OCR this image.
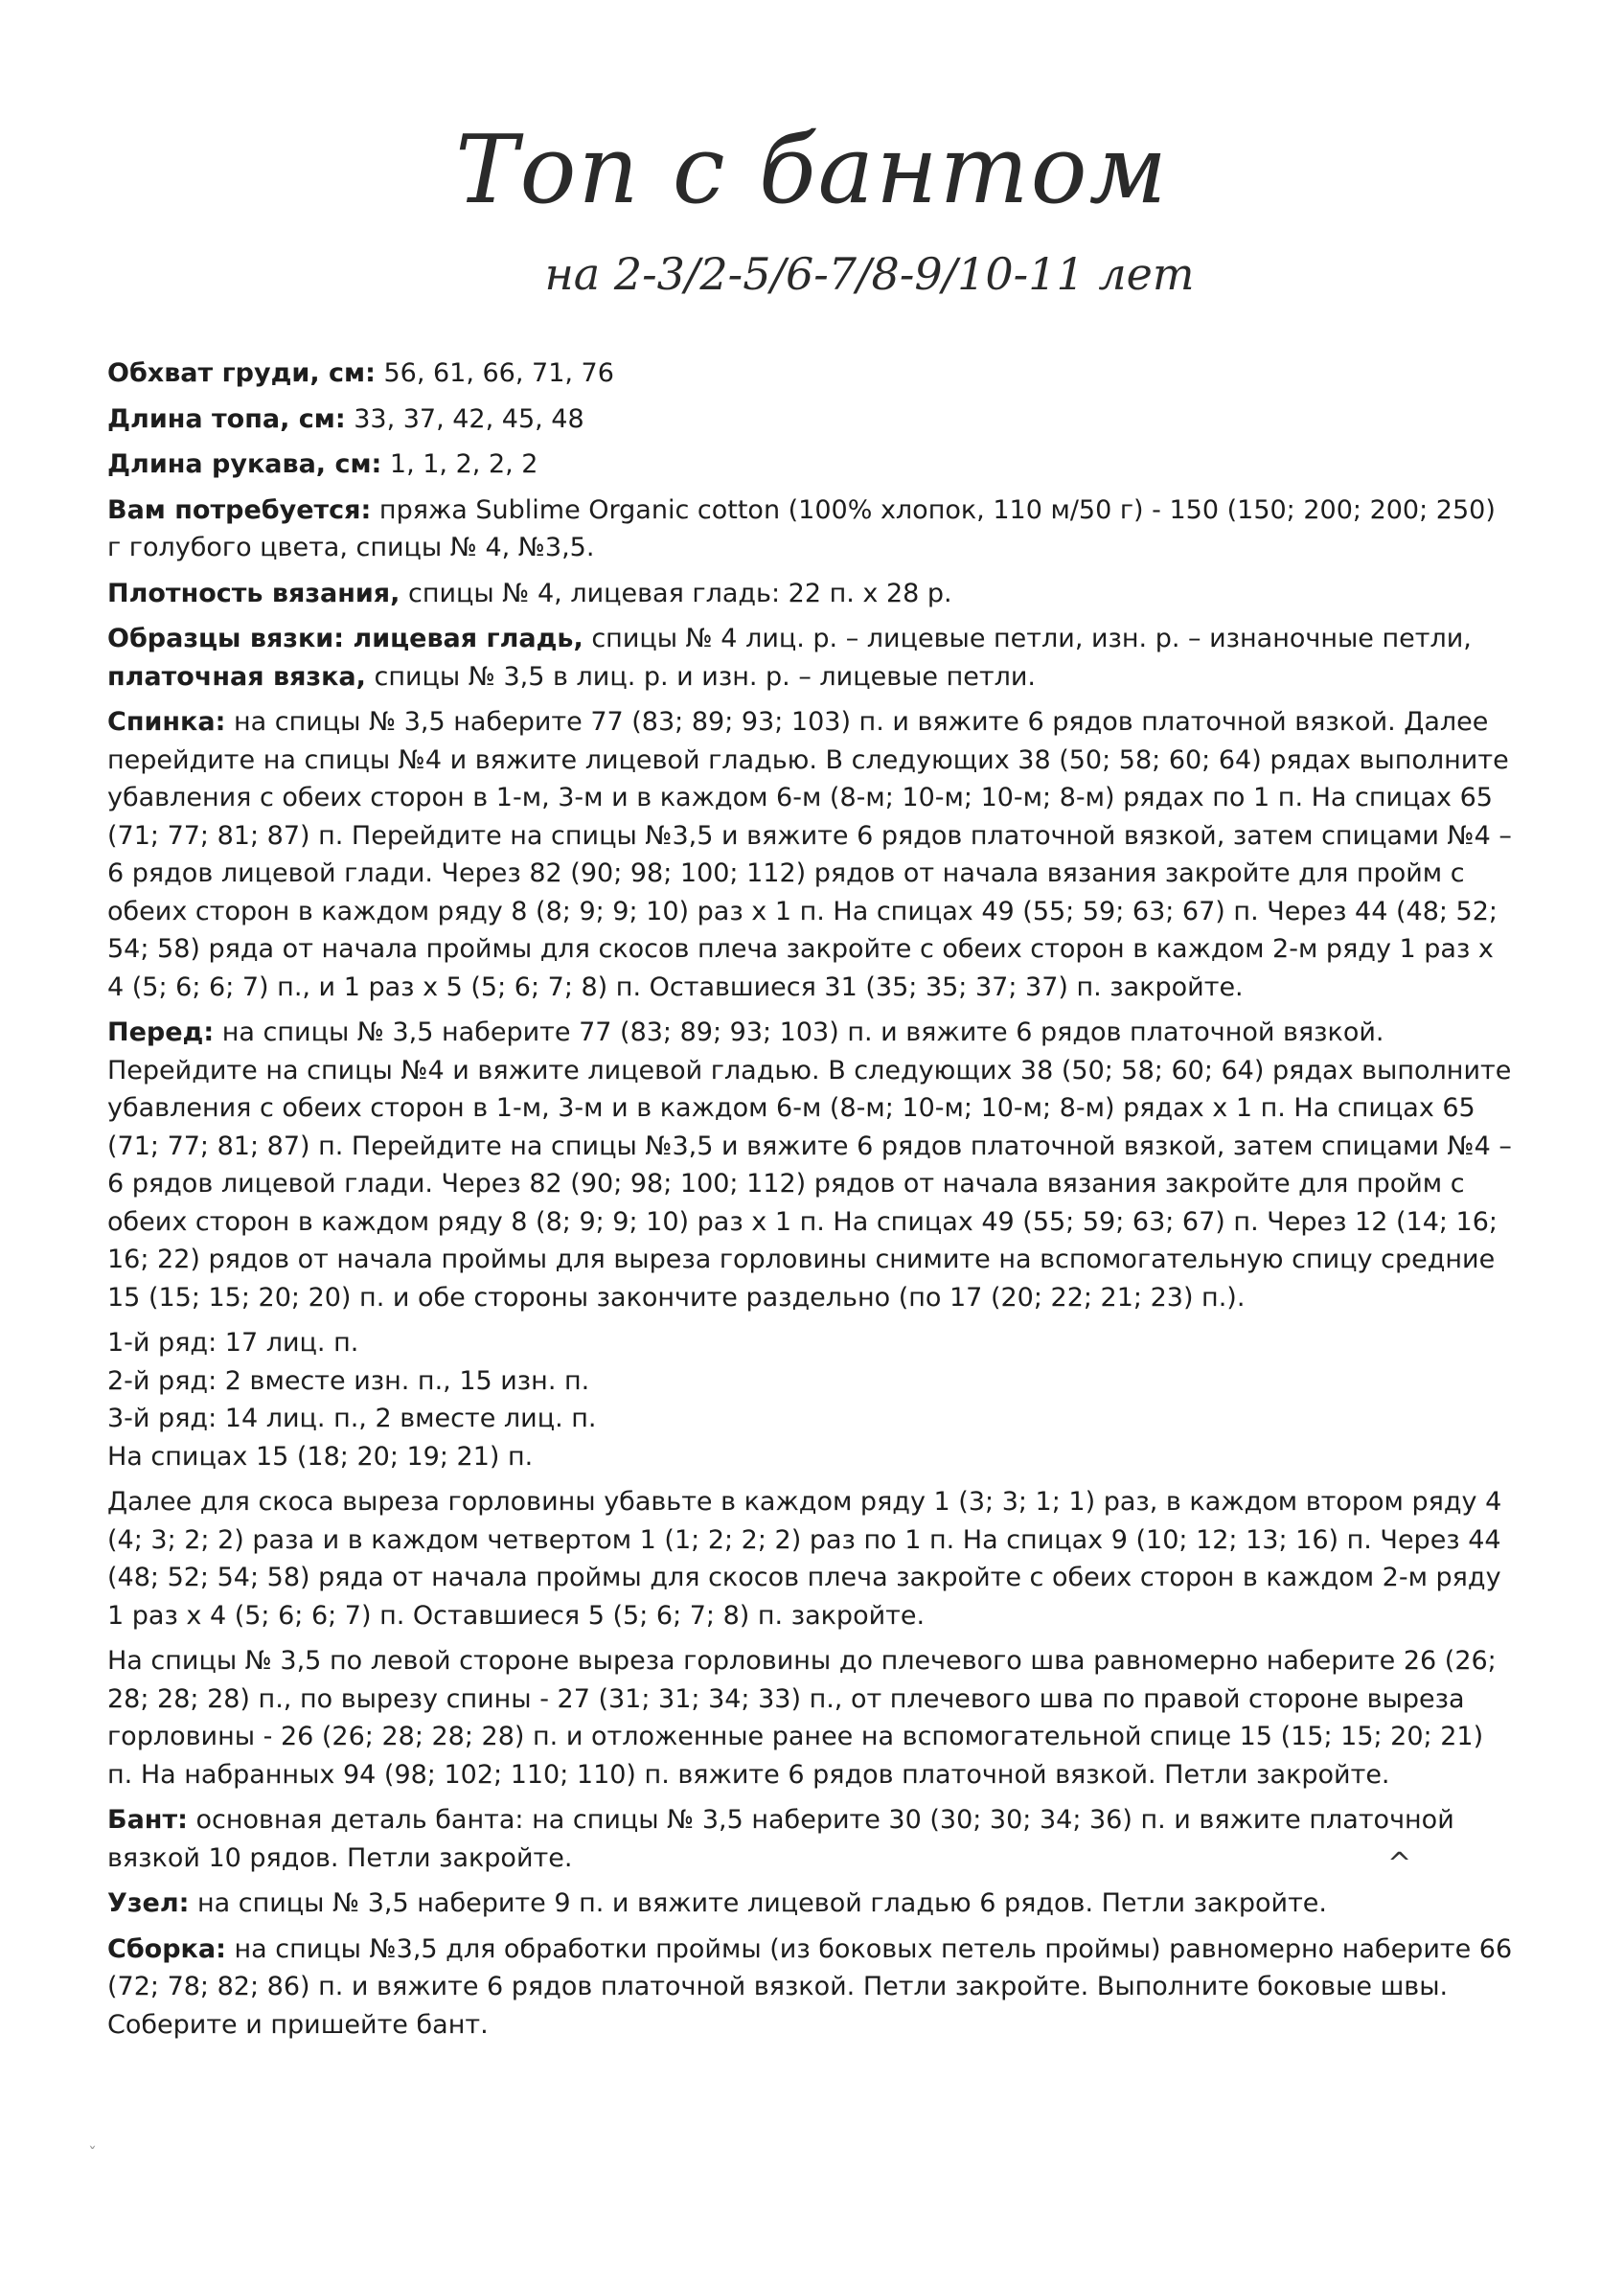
Топ с бантом
на 2-3/2-5/6-7/8-9/10-11 лет

Обхват груди, см: 56, 61, 66, 71, 76

Длина топа, см: 33, 37, 42, 45, 48

Длина рукава, см: 1, 1, 2, 2, 2

Вам потребуется: пряжа Sublime Organic cotton (100% хлопок, 110 м/50 г) - 150 (150; 200; 200; 250) г голубого цвета, спицы № 4, №3,5.

Плотность вязания, спицы № 4, лицевая гладь: 22 п. х 28 р.

Образцы вязки: лицевая гладь, спицы № 4 лиц. р. – лицевые петли, изн. р. – изнаночные петли, платочная вязка, спицы № 3,5 в лиц. р. и изн. р. – лицевые петли.

Спинка: на спицы № 3,5 наберите 77 (83; 89; 93; 103) п. и вяжите 6 рядов платочной вязкой. Далее перейдите на спицы №4 и вяжите лицевой гладью. В следующих 38 (50; 58; 60; 64) рядах выполните убавления с обеих сторон в 1-м, 3-м и в каждом 6-м (8-м; 10-м; 10-м; 8-м) рядах по 1 п. На спицах 65 (71; 77; 81; 87) п. Перейдите на спицы №3,5 и вяжите 6 рядов платочной вязкой, затем спицами №4 – 6 рядов лицевой глади. Через 82 (90; 98; 100; 112) рядов от начала вязания закройте для пройм с обеих сторон в каждом ряду 8 (8; 9; 9; 10) раз х 1 п. На спицах 49 (55; 59; 63; 67) п. Через 44 (48; 52; 54; 58) ряда от начала проймы для скосов плеча закройте с обеих сторон в каждом 2-м ряду 1 раз х 4 (5; 6; 6; 7) п., и 1 раз х 5 (5; 6; 7; 8) п. Оставшиеся 31 (35; 35; 37; 37) п. закройте.

Перед: на спицы № 3,5 наберите 77 (83; 89; 93; 103) п. и вяжите 6 рядов платочной вязкой. Перейдите на спицы №4 и вяжите лицевой гладью. В следующих 38 (50; 58; 60; 64) рядах выполните убавления с обеих сторон в 1-м, 3-м и в каждом 6-м (8-м; 10-м; 10-м; 8-м) рядах х 1 п. На спицах 65 (71; 77; 81; 87) п. Перейдите на спицы №3,5 и вяжите 6 рядов платочной вязкой, затем спицами №4 – 6 рядов лицевой глади. Через 82 (90; 98; 100; 112) рядов от начала вязания закройте для пройм с обеих сторон в каждом ряду 8 (8; 9; 9; 10) раз х 1 п. На спицах 49 (55; 59; 63; 67) п. Через 12 (14; 16; 16; 22) рядов от начала проймы для выреза горловины снимите на вспомогательную спицу средние 15 (15; 15; 20; 20) п. и обе стороны закончите раздельно (по 17 (20; 22; 21; 23) п.).

1-й ряд: 17 лиц. п.

2-й ряд: 2 вместе изн. п., 15 изн. п.

3-й ряд: 14 лиц. п., 2 вместе лиц. п.

На спицах 15 (18; 20; 19; 21) п.

Далее для скоса выреза горловины убавьте в каждом ряду 1 (3; 3; 1; 1) раз, в каждом втором ряду 4 (4; 3; 2; 2) раза и в каждом четвертом 1 (1; 2; 2; 2) раз по 1 п. На спицах 9 (10; 12; 13; 16) п. Через 44 (48; 52; 54; 58) ряда от начала проймы для скосов плеча закройте с обеих сторон в каждом 2-м ряду 1 раз х 4 (5; 6; 6; 7) п. Оставшиеся 5 (5; 6; 7; 8) п. закройте.

На спицы № 3,5 по левой стороне выреза горловины до плечевого шва равномерно наберите 26 (26; 28; 28; 28) п., по вырезу спины - 27 (31; 31; 34; 33) п., от плечевого шва по правой стороне выреза горловины - 26 (26; 28; 28; 28) п. и отложенные ранее на вспомогательной спице 15 (15; 15; 20; 21) п. На набранных 94 (98; 102; 110; 110) п. вяжите 6 рядов платочной вязкой. Петли закройте.

Бант: основная деталь банта: на спицы № 3,5 наберите 30 (30; 30; 34; 36) п. и вяжите платочной вязкой 10 рядов. Петли закройте.

Узел: на спицы № 3,5 наберите 9 п. и вяжите лицевой гладью 6 рядов. Петли закройте.

Сборка: на спицы №3,5 для обработки проймы (из боковых петель проймы) равномерно наберите 66 (72; 78; 82; 86) п. и вяжите 6 рядов платочной вязкой. Петли закройте. Выполните боковые швы. Соберите и пришейте бант.

^
ˇ
